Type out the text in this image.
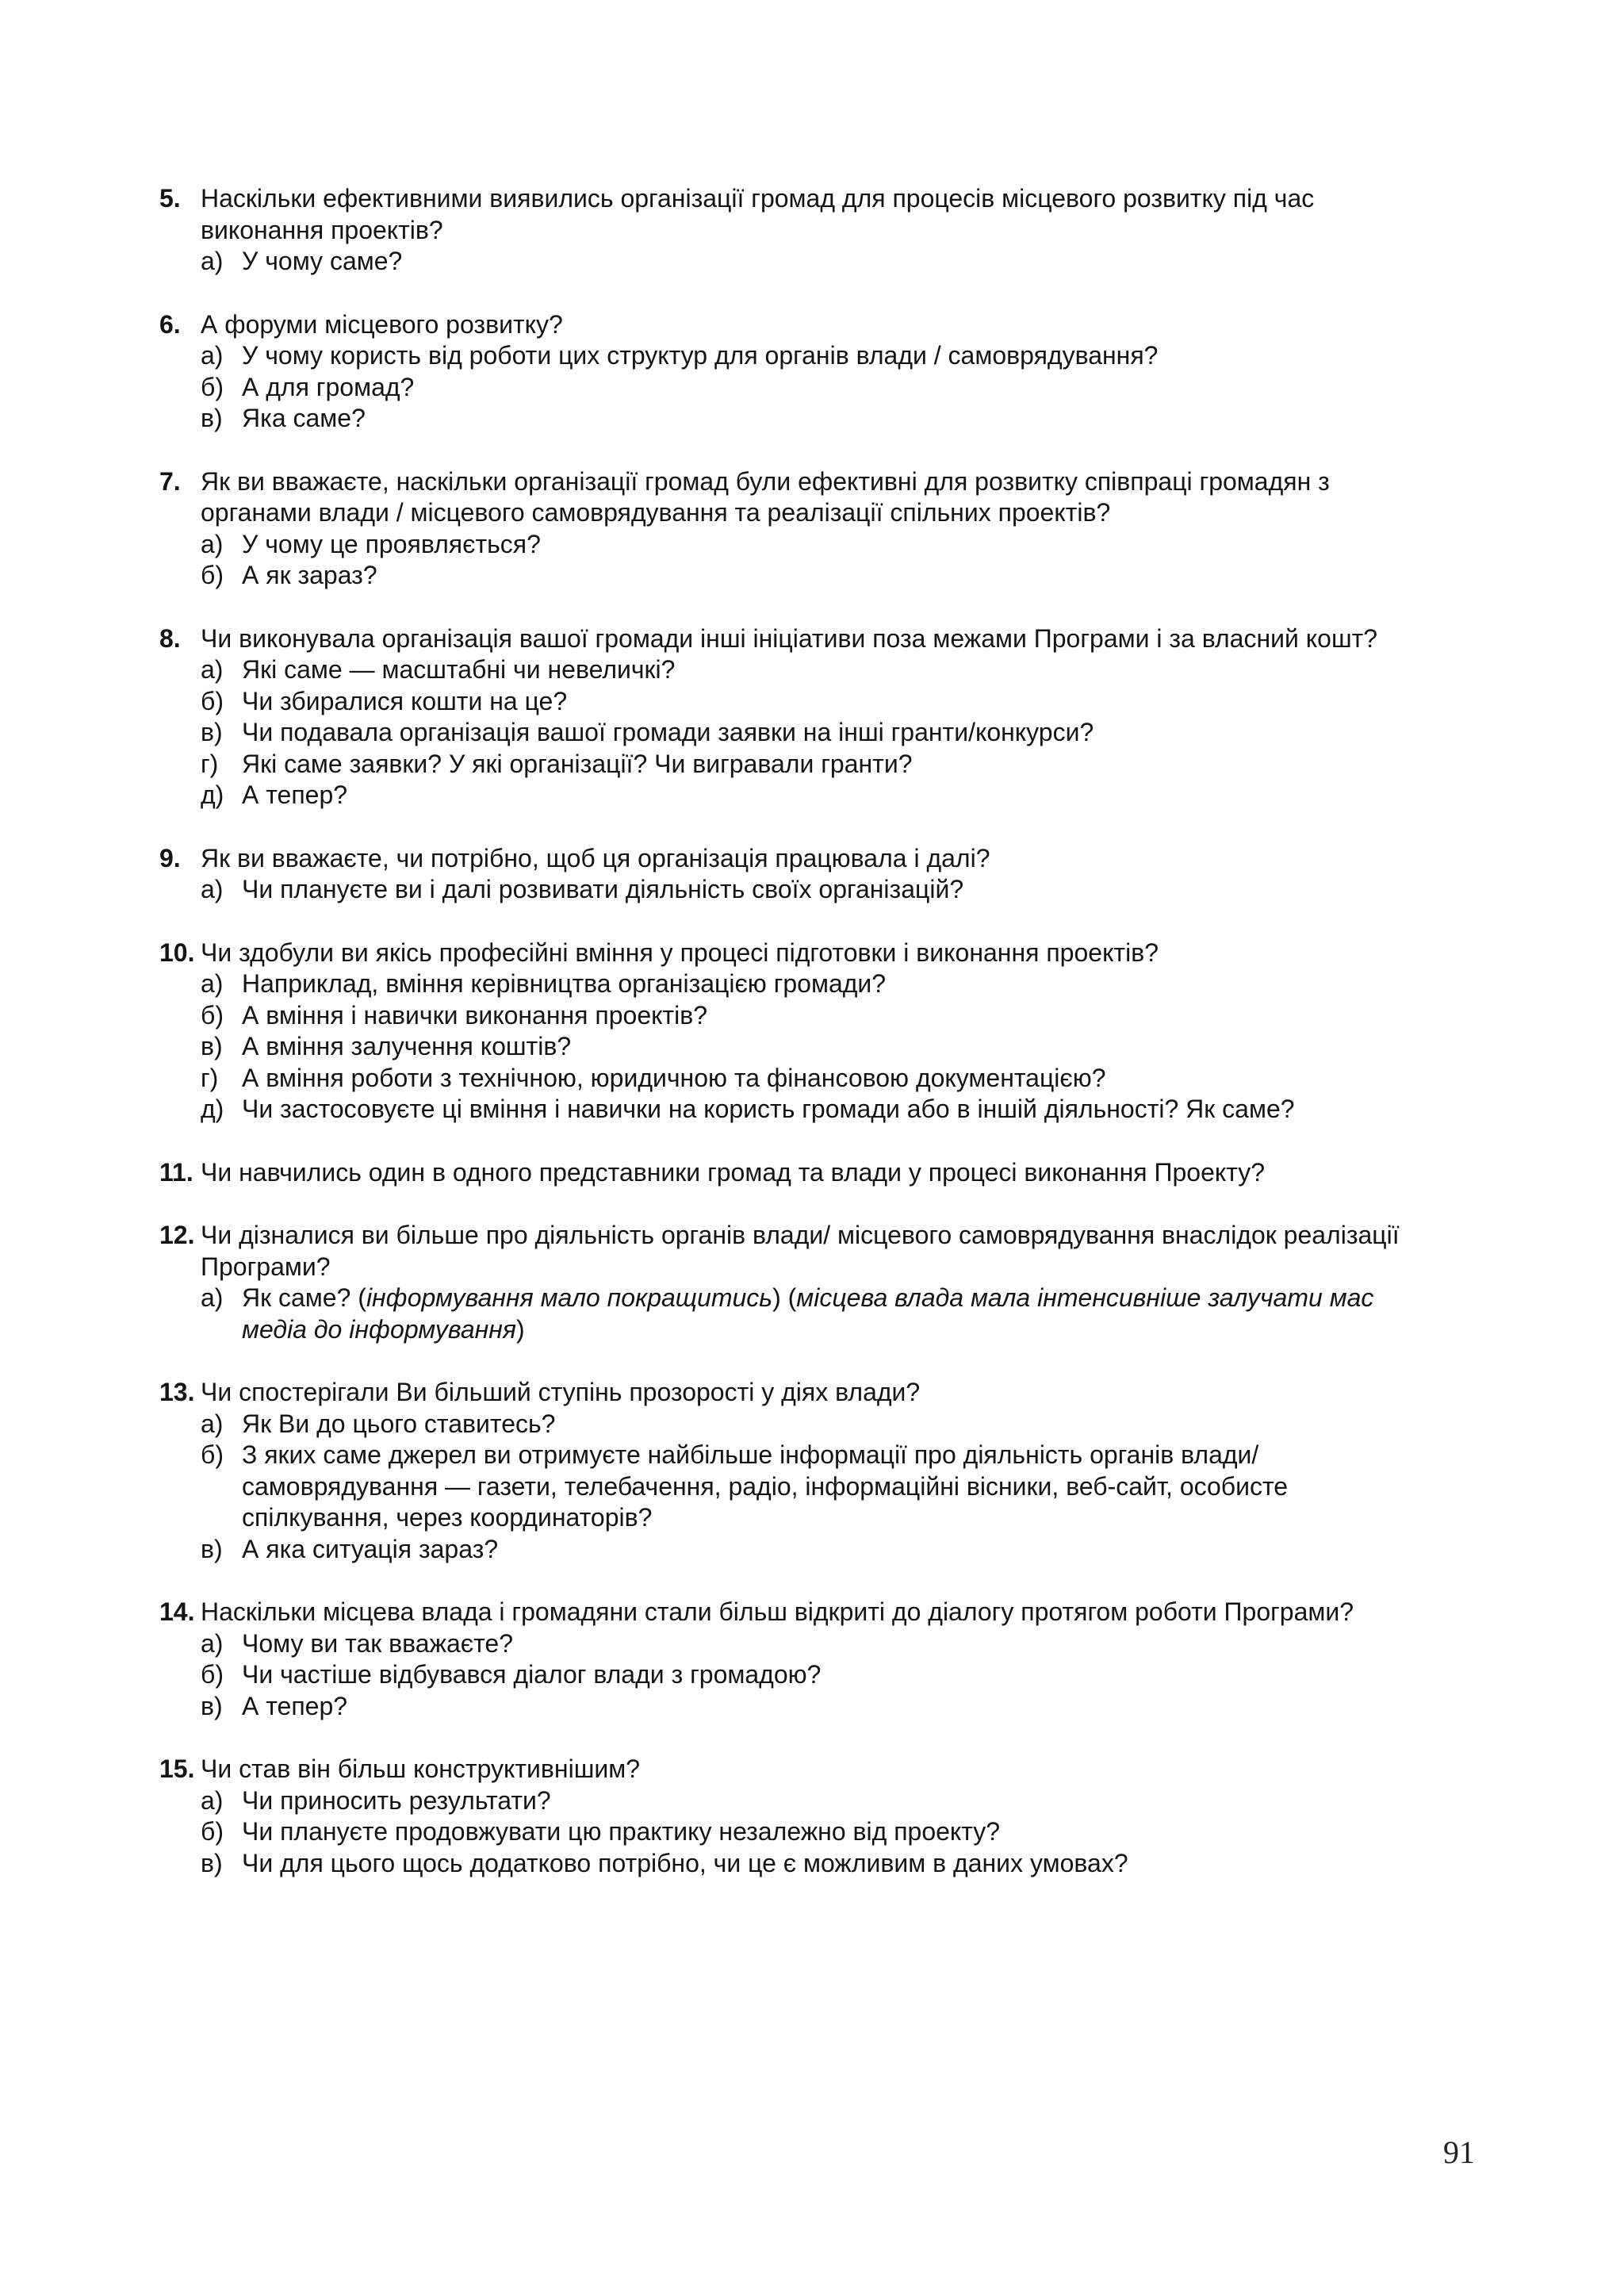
5. Наскільки ефективними виявились організації громад для процесів місцевого розвитку під час виконання проектів?
а) У чому саме?
6. А форуми місцевого розвитку?
а) У чому користь від роботи цих структур для органів влади / самоврядування?
б) А для громад?
в) Яка саме?
7. Як ви вважаєте, наскільки організації громад були ефективні для розвитку співпраці громадян з органами влади / місцевого самоврядування та реалізації спільних проектів?
а) У чому це проявляється?
б) А як зараз?
8. Чи виконувала організація вашої громади інші ініціативи поза межами Програми і за власний кошт?
а) Які саме — масштабні чи невеличкі?
б) Чи збиралися кошти на це?
в) Чи подавала організація вашої громади заявки на інші гранти/конкурси?
г) Які саме заявки? У які організації? Чи вигравали гранти?
д) А тепер?
9. Як ви вважаєте, чи потрібно, щоб ця організація працювала і далі?
а) Чи плануєте ви і далі розвивати діяльність своїх організацій?
10. Чи здобули ви якісь професійні вміння у процесі підготовки і виконання проектів?
а) Наприклад, вміння керівництва організацією громади?
б) А вміння і навички виконання проектів?
в) А вміння залучення коштів?
г) А вміння роботи з технічною, юридичною та фінансовою документацією?
д) Чи застосовуєте ці вміння і навички на користь громади або в іншій діяльності? Як саме?
11. Чи навчились один в одного представники громад та влади у процесі виконання Проекту?
12. Чи дізналися ви більше про діяльність органів влади/ місцевого самоврядування внаслідок реалізації Програми?
а) Як саме? (інформування мало покращитись) (місцева влада мала інтенсивніше залучати мас медіа до інформування)
13. Чи спостерігали Ви більший ступінь прозорості у діях влади?
а) Як Ви до цього ставитесь?
б) З яких саме джерел ви отримуєте найбільше інформації про діяльність органів влади/самоврядування — газети, телебачення, радіо, інформаційні вісники, веб-сайт, особисте спілкування, через координаторів?
в) А яка ситуація зараз?
14. Наскільки місцева влада і громадяни стали більш відкриті до діалогу протягом роботи Програми?
а) Чому ви так вважаєте?
б) Чи частіше відбувався діалог влади з громадою?
в) А тепер?
15. Чи став він більш конструктивнішим?
а) Чи приносить результати?
б) Чи плануєте продовжувати цю практику незалежно від проекту?
в) Чи для цього щось додатково потрібно, чи це є можливим в даних умовах?
91
